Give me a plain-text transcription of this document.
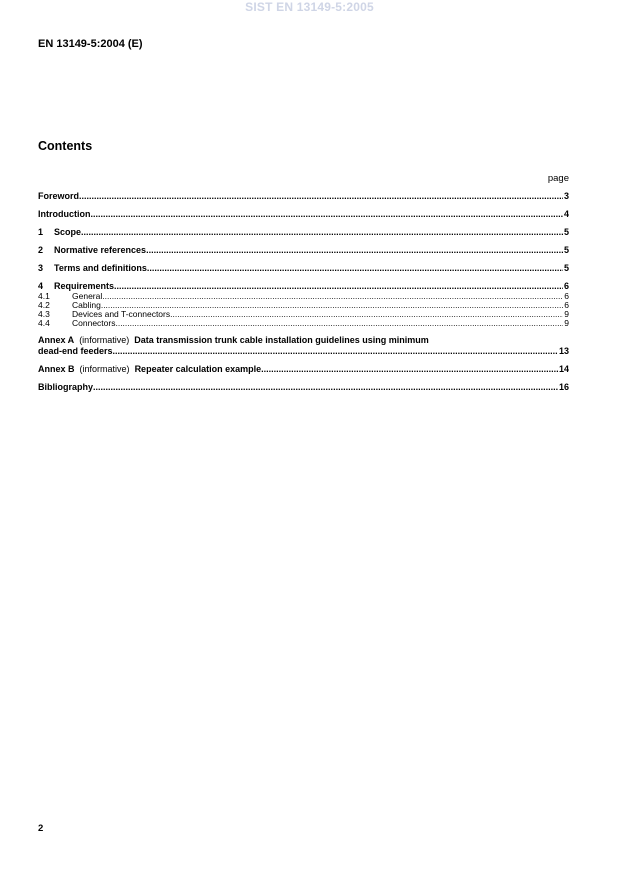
SIST EN 13149-5:2005
EN 13149-5:2004 (E)
Contents
page
Foreword .....	3
Introduction .....	4
1	Scope .....	5
2	Normative references .....	5
3	Terms and definitions .....	5
4	Requirements .....	6
4.1	General .....	6
4.2	Cabling .....	6
4.3	Devices and T-connectors .....	9
4.4	Connectors .....	9
Annex A (informative) Data transmission trunk cable installation guidelines using minimum
dead-end feeders .....	13
Annex B (informative) Repeater calculation example .....	14
Bibliography .....	16
2
